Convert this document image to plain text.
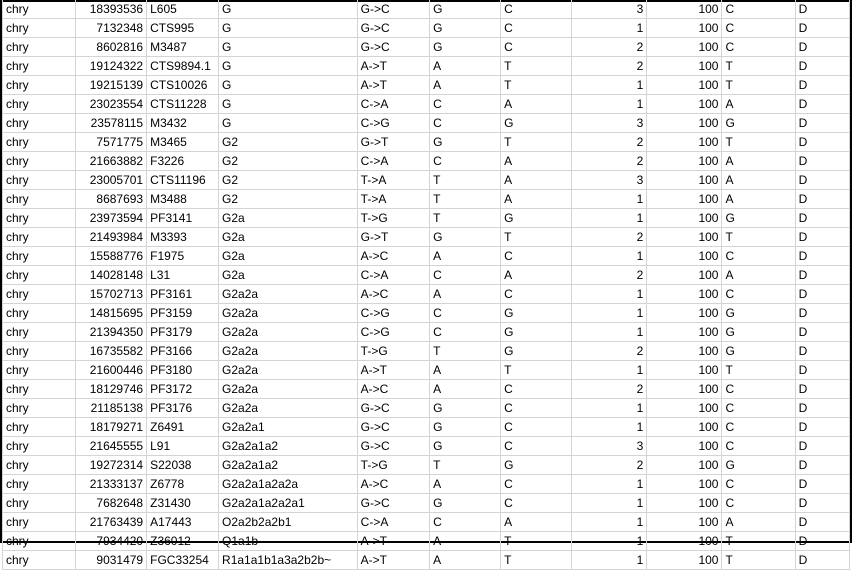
chry	18393536	L605	G	G->C	G	C	3	100	C	D
chry	7132348	CTS995	G	G->C	G	C	1	100	C	D
chry	8602816	M3487	G	G->C	G	C	2	100	C	D
chry	19124322	CTS9894.1	G	A->T	A	T	2	100	T	D
chry	19215139	CTS10026	G	A->T	A	T	1	100	T	D
chry	23023554	CTS11228	G	C->A	C	A	1	100	A	D
chry	23578115	M3432	G	C->G	C	G	3	100	G	D
chry	7571775	M3465	G2	G->T	G	T	2	100	T	D
chry	21663882	F3226	G2	C->A	C	A	2	100	A	D
chry	23005701	CTS11196	G2	T->A	T	A	3	100	A	D
chry	8687693	M3488	G2	T->A	T	A	1	100	A	D
chry	23973594	PF3141	G2a	T->G	T	G	1	100	G	D
chry	21493984	M3393	G2a	G->T	G	T	2	100	T	D
chry	15588776	F1975	G2a	A->C	A	C	1	100	C	D
chry	14028148	L31	G2a	C->A	C	A	2	100	A	D
chry	15702713	PF3161	G2a2a	A->C	A	C	1	100	C	D
chry	14815695	PF3159	G2a2a	C->G	C	G	1	100	G	D
chry	21394350	PF3179	G2a2a	C->G	C	G	1	100	G	D
chry	16735582	PF3166	G2a2a	T->G	T	G	2	100	G	D
chry	21600446	PF3180	G2a2a	A->T	A	T	1	100	T	D
chry	18129746	PF3172	G2a2a	A->C	A	C	2	100	C	D
chry	21185138	PF3176	G2a2a	G->C	G	C	1	100	C	D
chry	18179271	Z6491	G2a2a1	G->C	G	C	1	100	C	D
chry	21645555	L91	G2a2a1a2	G->C	G	C	3	100	C	D
chry	19272314	S22038	G2a2a1a2	T->G	T	G	2	100	G	D
chry	21333137	Z6778	G2a2a1a2a2a	A->C	A	C	1	100	C	D
chry	7682648	Z31430	G2a2a1a2a2a1	G->C	G	C	1	100	C	D
chry	21763439	A17443	O2a2b2a2b1	C->A	C	A	1	100	A	D
chry	7934420	Z36012	Q1a1b	A->T	A	T	1	100	T	D
chry	9031479	FGC33254	R1a1a1b1a3a2b2b~	A->T	A	T	1	100	T	D
